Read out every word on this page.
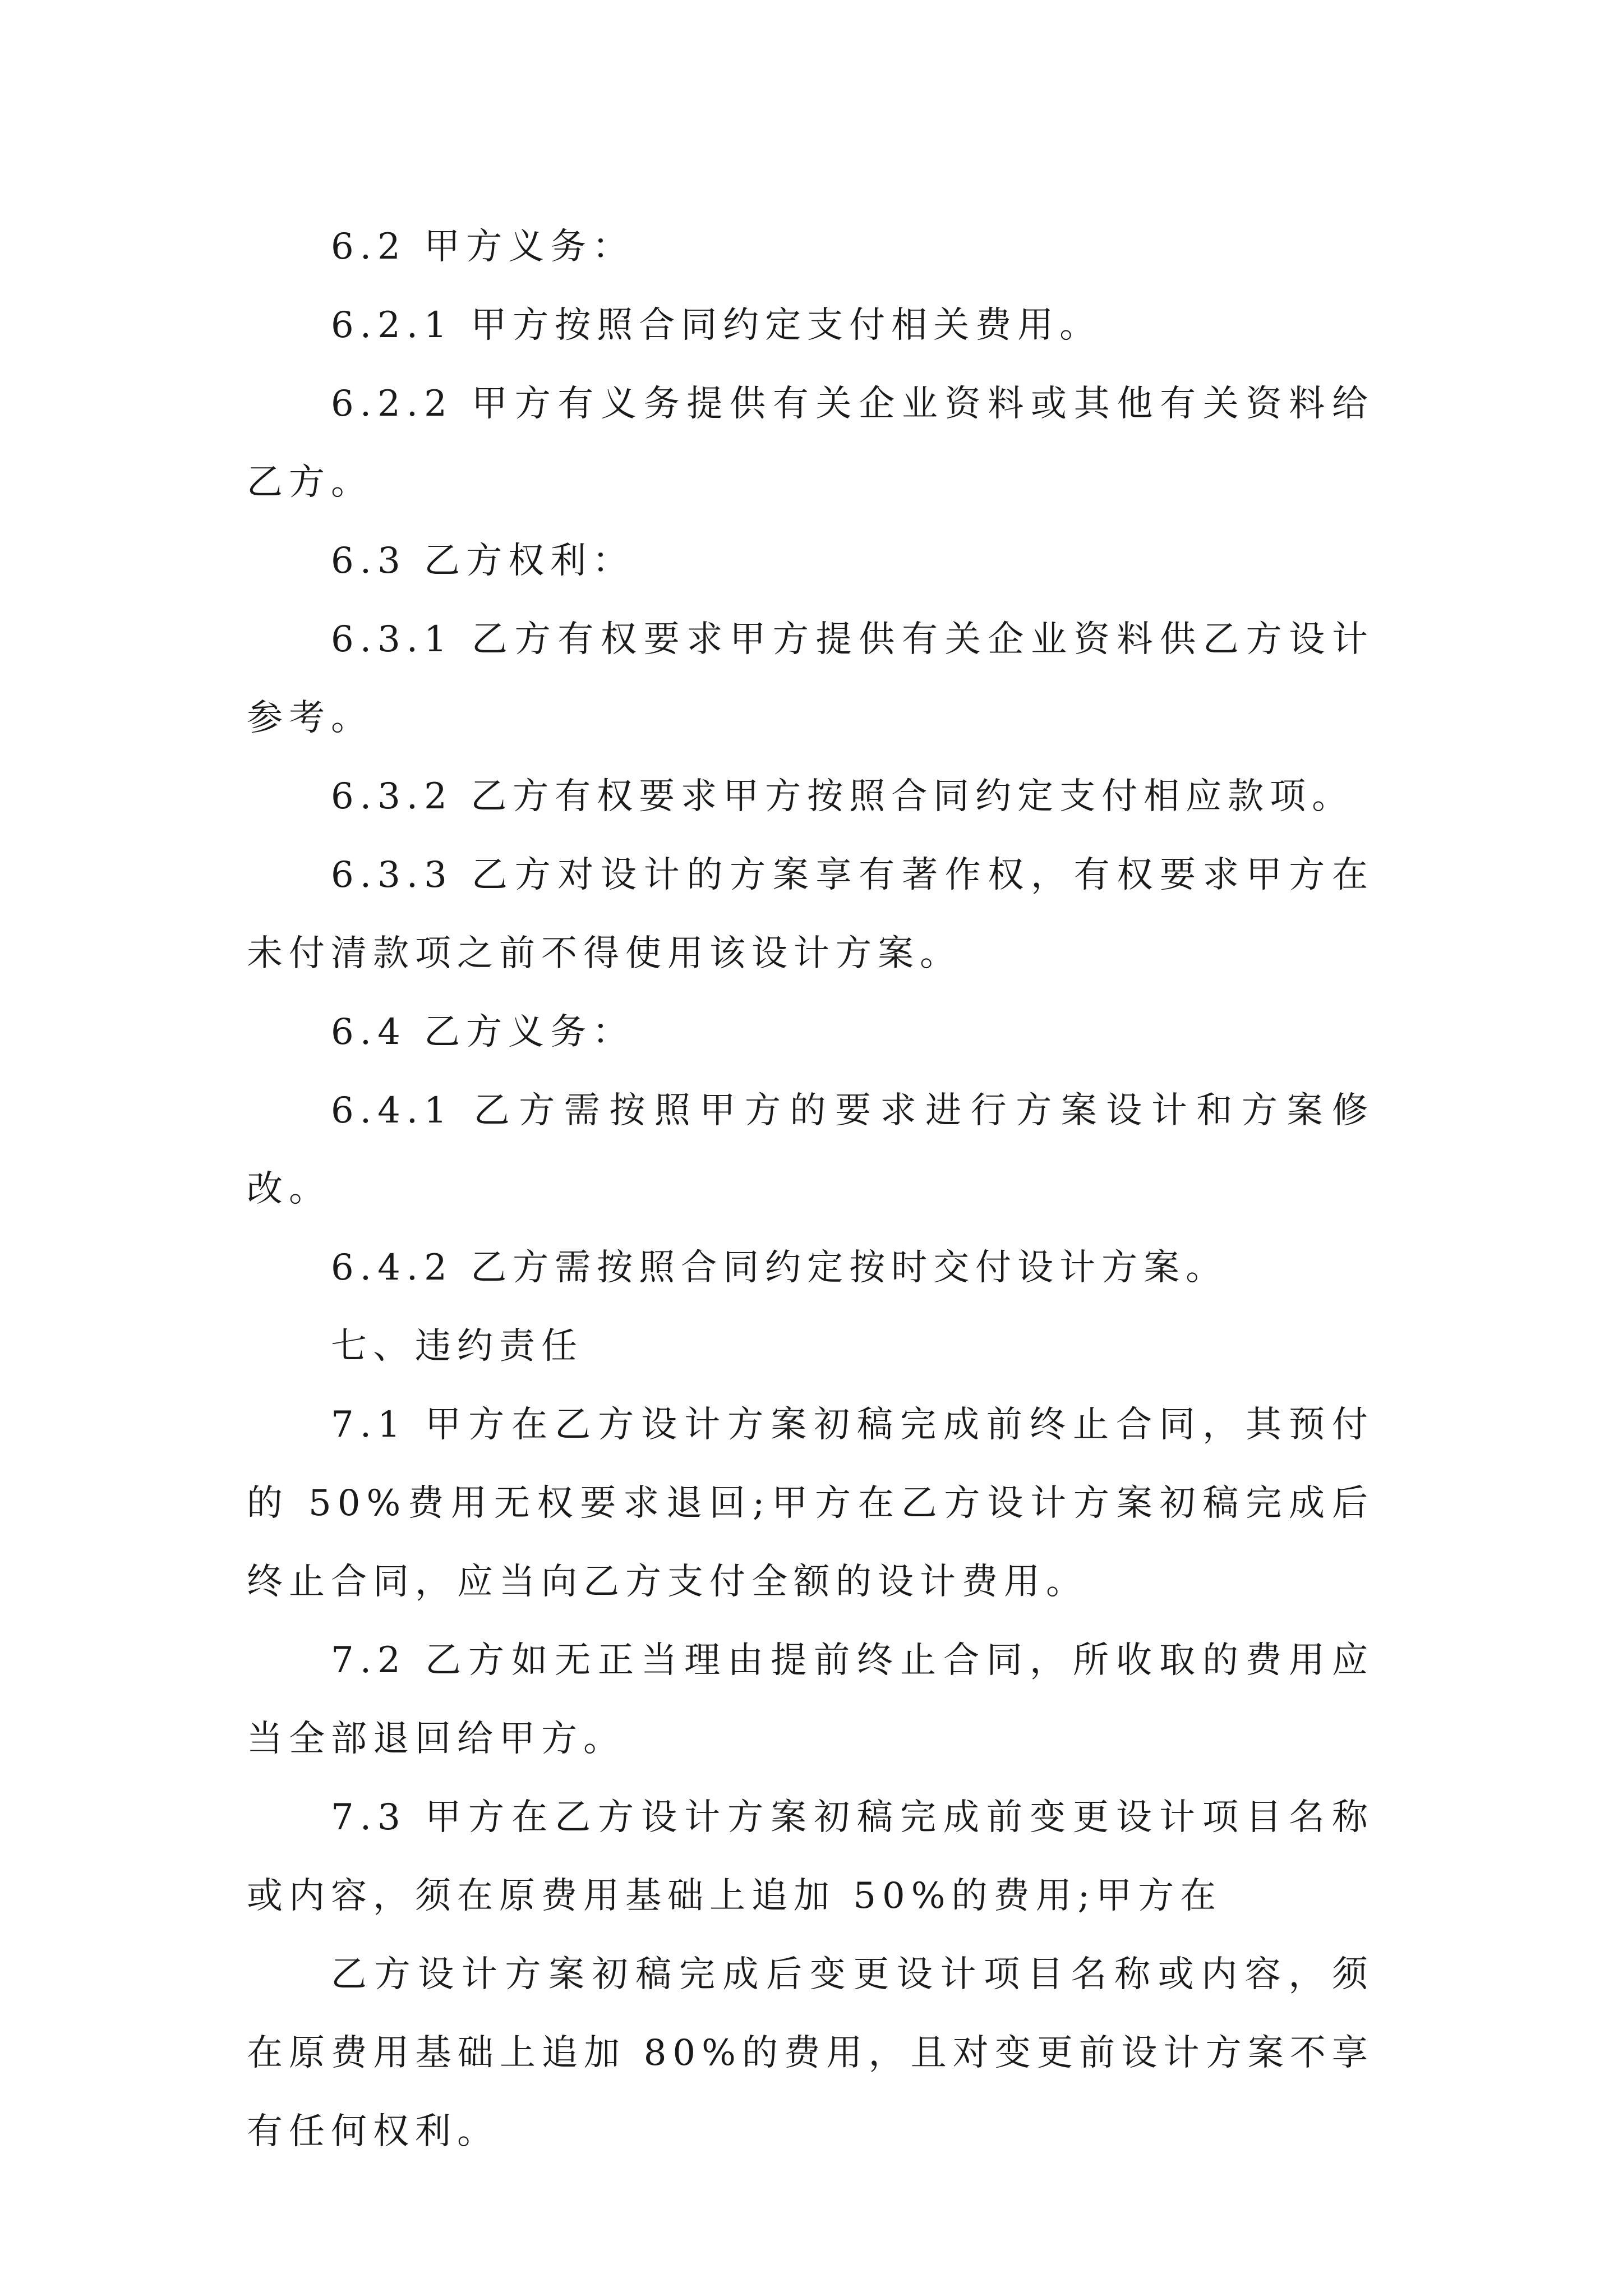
6.2 甲方义务：

6.2.1 甲方按照合同约定支付相关费用。

6.2.2 甲方有义务提供有关企业资料或其他有关资料给乙方。

6.3 乙方权利：

6.3.1 乙方有权要求甲方提供有关企业资料供乙方设计参考。

6.3.2 乙方有权要求甲方按照合同约定支付相应款项。

6.3.3 乙方对设计的方案享有著作权，有权要求甲方在未付清款项之前不得使用该设计方案。

6.4 乙方义务：

6.4.1 乙方需按照甲方的要求进行方案设计和方案修改。

6.4.2 乙方需按照合同约定按时交付设计方案。

七、违约责任

7.1 甲方在乙方设计方案初稿完成前终止合同，其预付的 50%费用无权要求退回;甲方在乙方设计方案初稿完成后终止合同，应当向乙方支付全额的设计费用。

7.2 乙方如无正当理由提前终止合同，所收取的费用应当全部退回给甲方。

7.3 甲方在乙方设计方案初稿完成前变更设计项目名称或内容，须在原费用基础上追加 50%的费用;甲方在

乙方设计方案初稿完成后变更设计项目名称或内容，须在原费用基础上追加 80%的费用，且对变更前设计方案不享有任何权利。
